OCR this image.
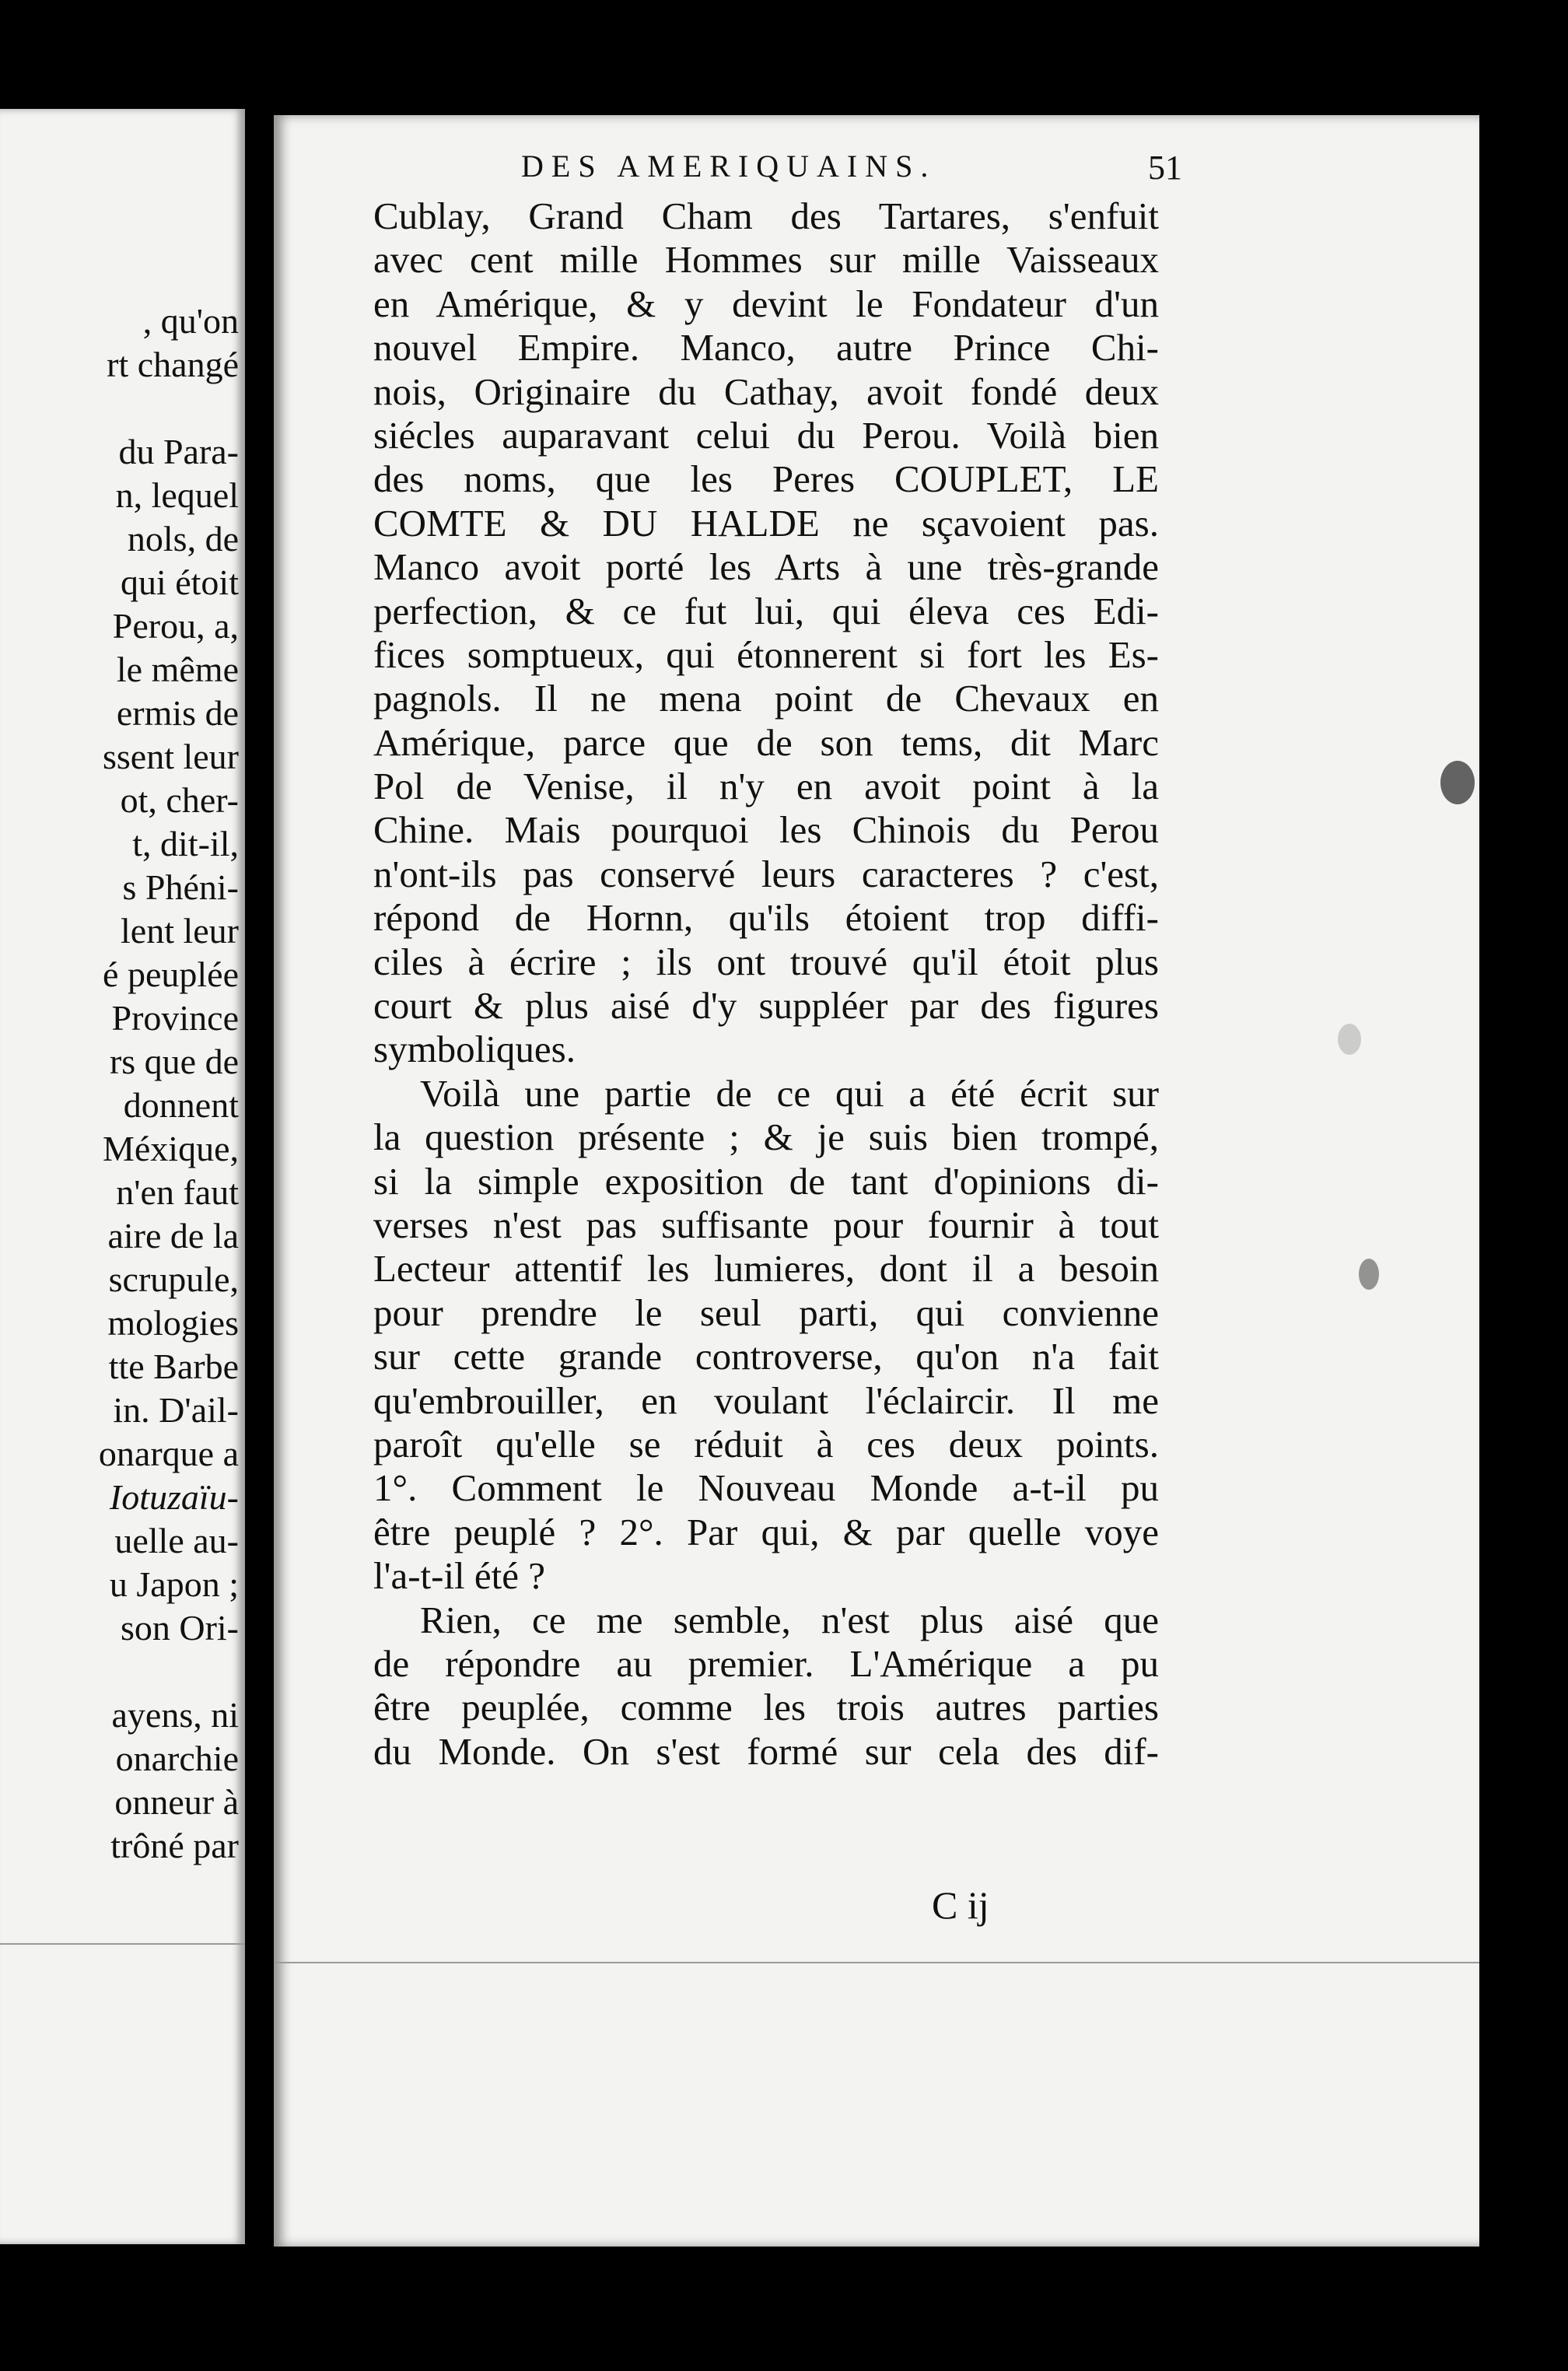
, qu'on
rt changé
du Para-
n, lequel
nols, de
qui étoit
Perou, a,
le même
ermis de
ssent leur
ot, cher-
t, dit-il,
s Phéni-
lent leur
é peuplée
Province
rs que de
donnent
Méxique,
n'en faut
aire de la
scrupule,
mologies
tte Barbe
in. D'ail-
onarque a
Iotuzaïu-
uelle au-
u Japon ;
son Ori-
ayens, ni
onarchie
onneur à
trôné par
DES AMERIQUAINS.	51
Cublay, Grand Cham des Tartares, s'enfuit
avec cent mille Hommes sur mille Vaisseaux
en Amérique, & y devint le Fondateur d'un
nouvel Empire. Manco, autre Prince Chi-
nois, Originaire du Cathay, avoit fondé deux
siécles auparavant celui du Perou. Voilà bien
des noms, que les Peres COUPLET, LE
COMTE & DU HALDE ne sçavoient pas.
Manco avoit porté les Arts à une très-grande
perfection, & ce fut lui, qui éleva ces Edi-
fices somptueux, qui étonnerent si fort les Es-
pagnols. Il ne mena point de Chevaux en
Amérique, parce que de son tems, dit Marc
Pol de Venise, il n'y en avoit point à la
Chine. Mais pourquoi les Chinois du Perou
n'ont-ils pas conservé leurs caracteres ? c'est,
répond de Hornn, qu'ils étoient trop diffi-
ciles à écrire ; ils ont trouvé qu'il étoit plus
court & plus aisé d'y suppléer par des figures
symboliques.
Voilà une partie de ce qui a été écrit sur
la question présente ; & je suis bien trompé,
si la simple exposition de tant d'opinions di-
verses n'est pas suffisante pour fournir à tout
Lecteur attentif les lumieres, dont il a besoin
pour prendre le seul parti, qui convienne
sur cette grande controverse, qu'on n'a fait
qu'embrouiller, en voulant l'éclaircir. Il me
paroît qu'elle se réduit à ces deux points.
1°. Comment le Nouveau Monde a-t-il pu
être peuplé ? 2°. Par qui, & par quelle voye
l'a-t-il été ?
Rien, ce me semble, n'est plus aisé que
de répondre au premier. L'Amérique a pu
être peuplée, comme les trois autres parties
du Monde. On s'est formé sur cela des dif-
C ij
